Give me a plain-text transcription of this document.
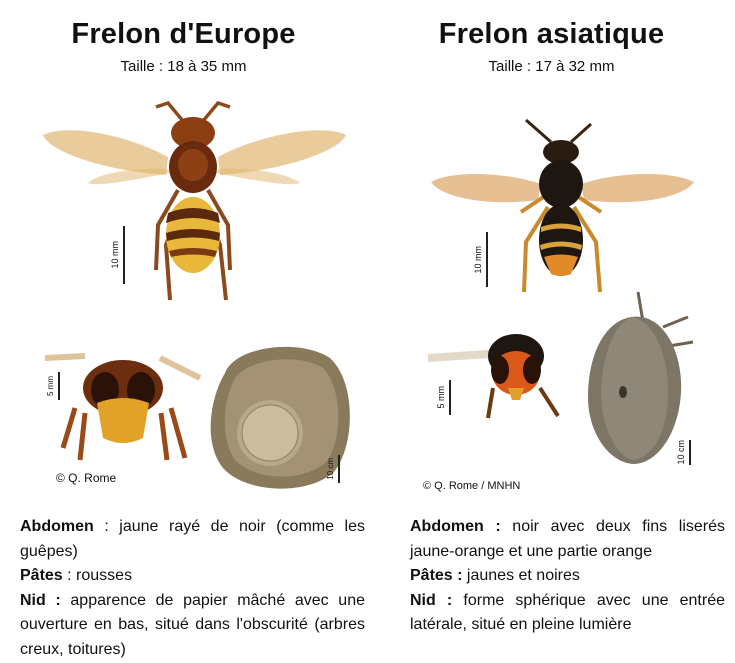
Frelon d'Europe
Taille : 18 à 35 mm
10 mm
5 mm
10 cm
© Q. Rome

Abdomen : jaune rayé de noir (comme les guêpes)

Pâtes : rousses

Nid : apparence de papier mâché avec une ouverture en bas, situé dans l'obscurité (arbres creux, toitures)

Frelon asiatique
Taille : 17 à 32 mm
10 mm
5 mm
10 cm
© Q. Rome / MNHN

Abdomen : noir avec deux fins liserés jaune-orange et une partie orange

Pâtes : jaunes et noires

Nid : forme sphérique avec une entrée latérale, situé en pleine lumière
